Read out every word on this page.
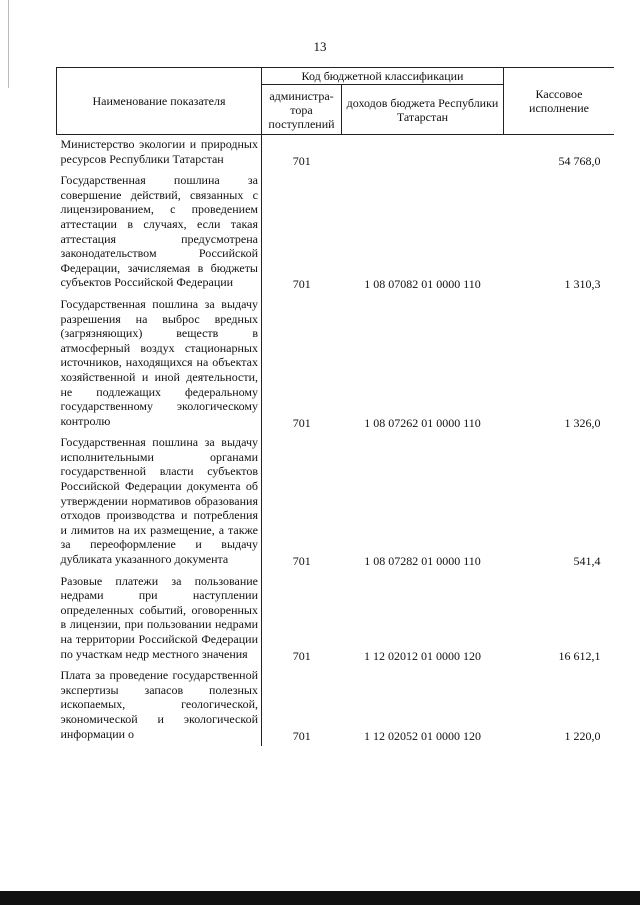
13
Наименование показателя	Код бюджетной классификации		Кассовое исполнение
	администра-тора поступлений	доходов бюджета Республики Татарстан	
Министерство экологии и природных ресурсов Республики Татарстан	701		54 768,0
Государственная пошлина за совершение действий, связанных с лицензированием, с проведением аттестации в случаях, если такая аттестация предусмотрена законодательством Российской Федерации, зачисляемая в бюджеты субъектов Российской Федерации	701	1 08 07082 01 0000 110	1 310,3
Государственная пошлина за выдачу разрешения на выброс вредных (загрязняющих) веществ в атмосферный воздух стационарных источников, находящихся на объектах хозяйственной и иной деятельности, не подлежащих федеральному государственному экологическому контролю	701	1 08 07262 01 0000 110	1 326,0
Государственная пошлина за выдачу исполнительными органами государственной власти субъектов Российской Федерации документа об утверждении нормативов образования отходов производства и потребления и лимитов на их размещение, а также за переоформление и выдачу дубликата указанного документа	701	1 08 07282 01 0000 110	541,4
Разовые платежи за пользование недрами при наступлении определенных событий, оговоренных в лицензии, при пользовании недрами на территории Российской Федерации по участкам недр местного значения	701	1 12 02012 01 0000 120	16 612,1
Плата за проведение государственной экспертизы запасов полезных ископаемых, геологической, экономической и экологической информации о	701	1 12 02052 01 0000 120	1 220,0
